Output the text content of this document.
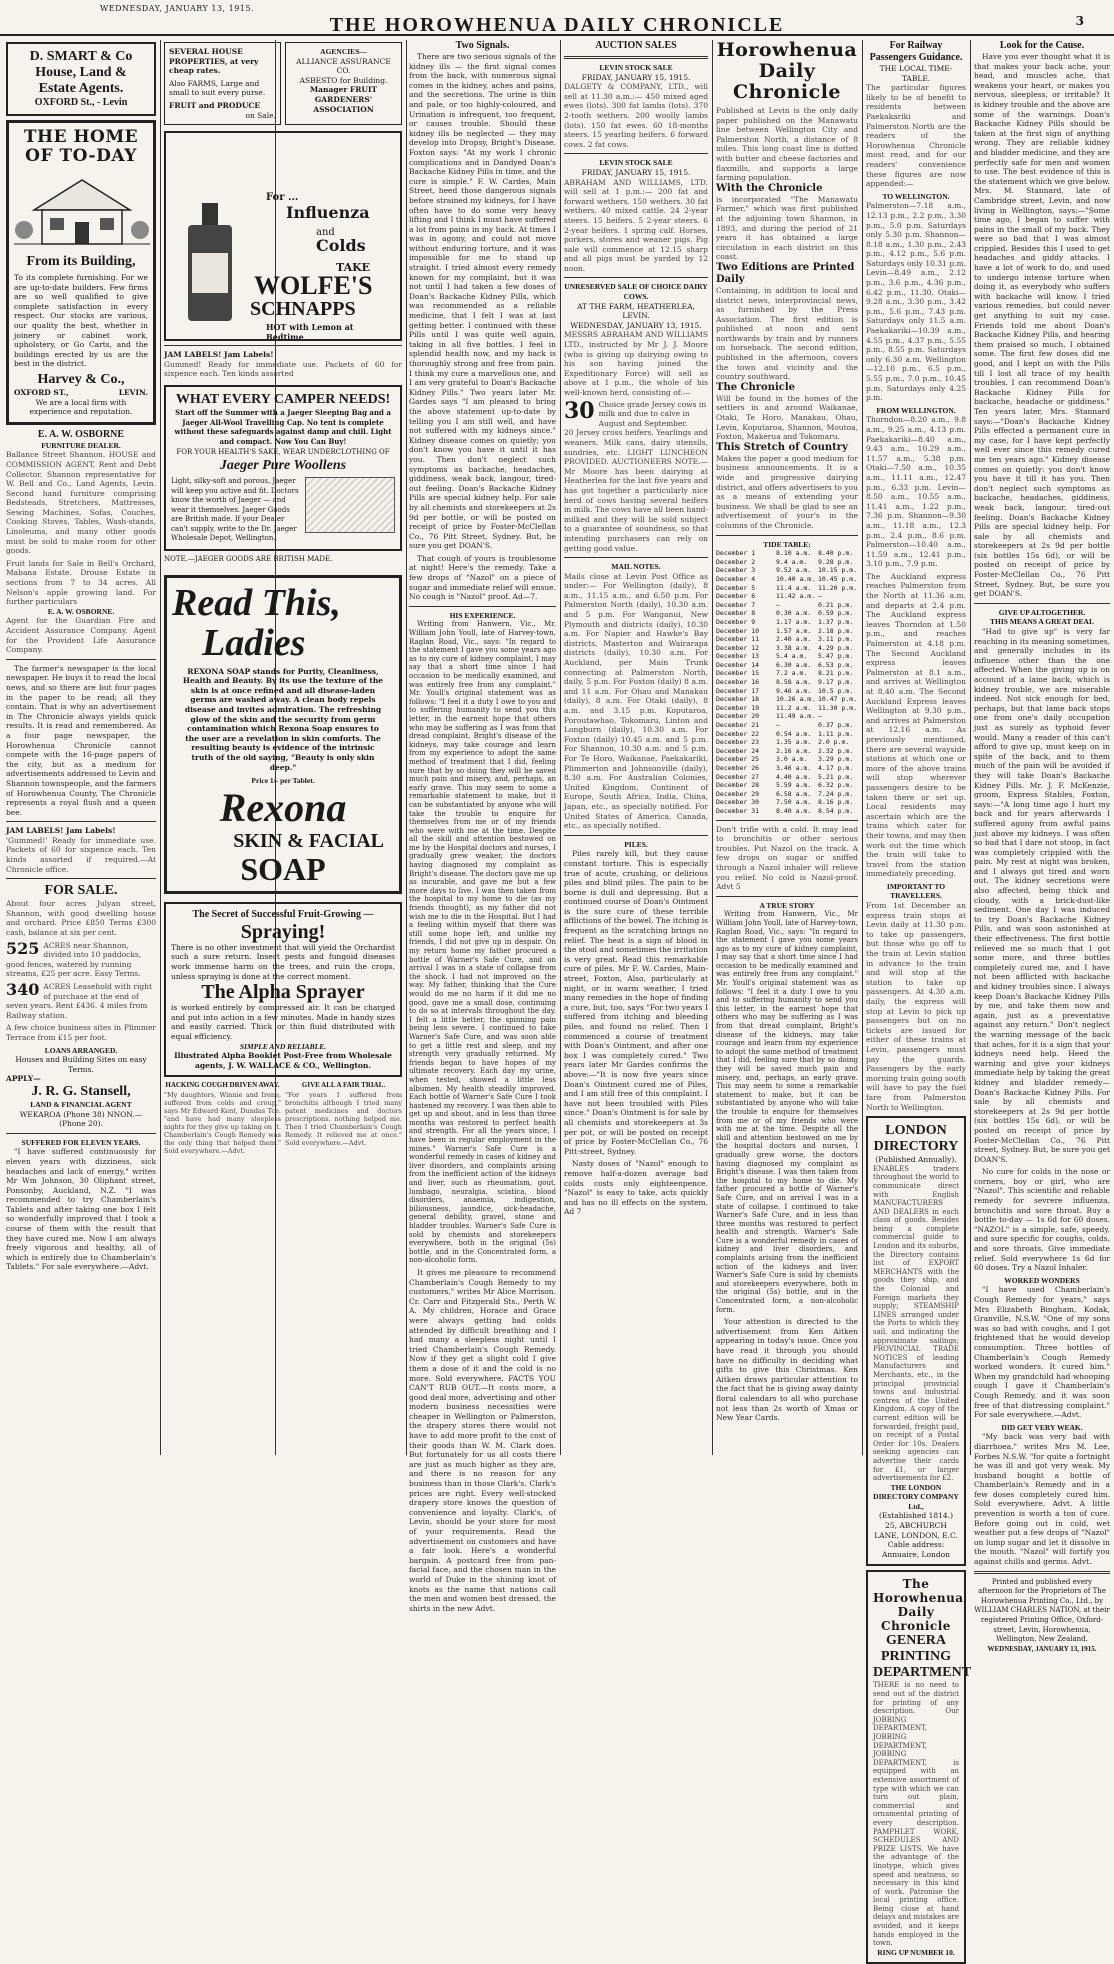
WEDNESDAY, JANUARY 13, 1915.
THE HOROWHENUA DAILY CHRONICLE	3
D. SMART & Co
House, Land &
Estate Agents.
OXFORD St., - Levin
THE HOME
OF TO-DAY
From its Building,
To its complete furnishing. For we are up-to-date builders. Few firms are so well qualified to give complete satisfaction in every respect. Our stocks are various, our quality the best, whether in joinery or cabinet work, upholstery, or Go Carts, and the buildings erected by us are the best in the district.
Harvey & Co.,
OXFORD ST.,	LEVIN.
We are a local firm with experience and reputation.
E. A. W. OSBORNE
FURNITURE DEALER.
Ballance Street Shannon. HOUSE and COMMISSION AGENT, Rent and Debt Collector. Shannon representative for W. Bell and Co., Land Agents, Levin. Second hand furniture comprising Bedsteads, Stretchers, Mattresses, Sewing Machines, Sofas, Couches, Cooking Stoves, Tables, Wash-stands, Linoleums, and many other goods must be sold to make room for other goods.
Fruit lands for Sale in Bell's Orchard, Mabana Estate. Drouse Estate in sections from 7 to 34 acres. All Nelson's apple growing land. For further particulars
E. A. W. OSBORNE.
Agent for the Guardian Fire and Accident Assurance Company. Agent for the Provident Life Assurance Company.
The farmer's newspaper is the local newspaper. He buys it to read the local news, and so there are but four pages in the paper to be read; all they contain. That is why an advertisement in The Chronicle always yields quick results. It is read and remembered. As a four page newspaper, the Horowhenua Chronicle cannot compete with the 16-page papers of the city, but as a medium for advertisements addressed to Levin and Shannon townspeople, and the farmers of Horowhenua County, The Chronicle represents a royal flush and a queen bee.
JAM LABELS! Jam Labels!
'Gummed!' Ready for immediate use. Packets of 60 for sixpence each. Ten kinds assorted if required.—At Chronicle office.
FOR SALE.
About four acres Julyan street, Shannon, with good dwelling house and orchard. Price £850 Terms £300 cash, balance at six per cent.
525 ACRES near Shannon, divided into 10 paddocks, good fences, watered by running streams, £25 per acre. Easy Terms.
340 ACRES Leasehold with right of purchase at the end of seven years. Rent £436. 4 miles from Railway station.
A few choice business sites in Plimmer Terrace from £15 per foot.
LOANS ARRANGED.
Houses and Building Sites on easy Terms.
APPLY—
J. R. G. Stansell,
LAND & FINANCIAL AGENT
WEKAROA (Phone 38) NNON.— (Phone 20).
SUFFERED FOR ELEVEN YEARS.
"I have suffered continuously for eleven years with dizziness, sick headaches and lack of energy," writes Mr Wm Johnson, 30 Oliphant street, Ponsonby, Auckland, N.Z. "I was recommended to try Chamberlain's Tablets and after taking one box I felt so wonderfully improved that I took a course of them with the result that they have cured me. Now I am always freely vigorous and healthy, all of which is entirely due to Chamberlain's Tablets." For sale everywhere.—Advt.
SEVERAL HOUSE PROPERTIES, at very cheap rates.
Also FARMS, Large and small to suit every purse.
FRUIT and PRODUCE
on Sale.
AGENCIES—
ALLIANCE ASSURANCE CO.
ASBESTO for Building.
Manager FRUIT GARDENERS' ASSOCIATION
For ...
Influenza
and
Colds
TAKE
WOLFE'S
SCHNAPPS
HOT with Lemon at Bedtime
JAM LABELS! Jam Labels!
Gummed! Ready for immediate use. Packets of 60 for sixpence each. Ten kinds assorted
WHAT EVERY CAMPER NEEDS!
Start off the Summer with a Jaeger Sleeping Bag and a Jaeger All-Wool Travelling Cap. No tent is complete without these safeguards against damp and chill. Light and compact. Now You Can Buy!
FOR YOUR HEALTH'S SAKE, WEAR UNDERCLOTHING OF
Jaeger Pure Woollens
Light, silky-soft and porous, Jaeger will keep you active and fit. Doctors know the worth of Jaeger — and wear it themselves. Jaeger Goods are British made. If your Dealer can't supply, write to the Dr. Jaeger Wholesale Depot, Wellington.
NOTE.—JAEGER GOODS ARE BRITISH MADE.
Read This,
Ladies
REXONA SOAP stands for Purity, Cleanliness, Health and Beauty. By its use the texture of the skin is at once refined and all disease-laden germs are washed away. A clean body repels disease and invites admiration. The refreshing glow of the skin and the security from germ contamination which Rexona Soap ensures to the user are a revelation in skin comforts. The resulting beauty is evidence of the intrinsic truth of the old saying, "Beauty is only skin deep."
Price 1/- per Tablet.
Rexona
SKIN & FACIAL
SOAP
The Secret of Successful Fruit-Growing —
Spraying!
There is no other investment that will yield the Orchardist such a sure return. Insect pests and fungoid diseases work immense harm on the trees, and ruin the crops, unless spraying is done at the correct moment.
The Alpha Sprayer
is worked entirely by compressed air. It can be charged and put into action in a few minutes. Made in handy sizes and easily carried. Thick or thin fluid distributed with equal efficiency.
SIMPLE AND RELIABLE.
Illustrated Alpha Booklet Post-Free from Wholesale agents, J. W. WALLACE & CO., Wellington.
HACKING COUGH DRIVEN AWAY.
"My daughters, Winnie and Irene, suffered from colds and croup," says Mr Edward Kent, Dundas Tce. "and have had many sleepless nights for they give up taking on it. Chamberlain's Cough Remedy was the only thing that helped them." Sold everywhere.—Advt.
GIVE ALL A FAIR TRIAL.
"For years I suffered from bronchitis although I tried many patent medicines and doctors prescriptions. nothing helped me. Then I tried Chamberlain's Cough Remedy. It relieved me at once." Sold everywhere.—Advt.
Two Signals.
There are two serious signals of the kidney ills — the first signal comes from the back, with numerous signal comes in the kidney, aches and pains, and the secretions. The urine is thin and pale, or too highly-coloured, and Urination is infrequent, too frequent, or causes trouble. Should these kidney ills be neglected — they may develop into Dropsy, Bright's Disease. Foxton says: "At my work I chronic complications and in Dandyed Doan's Backache Kidney Pills in time, and the cure is simple." F. W. Cardes, Main Street, heed those dangerous signals before strained my kidneys, for I have often have to do some very heavy lifting and I think I must have suffered a lot from pains in my back. At times I was in agony, and could not move without enduring torture, and it was impossible for me to stand up straight. I tried almost every remedy known for my complaint, but it was not until I had taken a few doses of Doan's Backache Kidney Pills, which was recommended as a reliable medicine, that I felt I was at last getting better. I continued with these Pills until I was quite well again, taking in all five bottles. I feel in splendid health now, and my back is thoroughly strong and free from pain. I think my cure a marvellous one, and I am very grateful to Doan's Backache Kidney Pills." Two years later Mr. Gardes says "I am pleased to bring the above statement up-to-date by telling you I am still well, and have not suffered with my kidneys since." Kidney disease comes on quietly; you don't know you have it until it has you. Then don't neglect such symptoms as backache, headaches, giddiness, weak back, langour, tired-out feeling. Doan's Backache Kidney Pills are special kidney help. For sale by all chemists and storekeepers at 2s 9d per bottle, or will be posted on receipt of price by Foster-McClellan Co., 76 Pitt Street, Sydney. But, be sure you get DOAN'S.
That cough of yours is troublesome at night! Here's the remedy. Take a few drops of "Nazol" on a piece of sugar and immediate relief will ensue. No cough is "Nazol" proof. Ad—7.
HIS EXPERIENCE.
Writing from Hanwern, Vic., Mr. William John Youll, late of Harvey-town, Raglan Road, Vic., says: "In regard to the statement I gave you some years ago as to my cure of kidney complaint, I may say that a short time since I had occasion to be medically examined, and was entirely free from any complaint." Mr. Youll's original statement was as follows: "I feel it a duty I owe to you and to suffering humanity to send you this letter, in the earnest hope that others who may be suffering as I was from that dread complaint, Bright's disease of the kidneys, may take courage and learn from my experience to adopt the same method of treatment that I did, feeling sure that by so doing they will be saved much pain and misery, and, perhaps, an early grave. This may seem to some a remarkable statement to make, but it can be substantiated by anyone who will take the trouble to enquire for themselves from me or of my friends who were with me at the time. Despite all the skill and attention bestowed on me by the Hospital doctors and nurses, I gradually grew weaker, the doctors having diagnosed my complaint as Bright's disease. The doctors gave me up as incurable, and gave me but a few more days to live. I was then taken from the hospital to my home to die (as my friends thought), as my father did not wish me to die in the Hospital. But I had a feeling within myself that there was still some hope left, and unlike my friends, I did not give up in despair. On my return home my father procured a bottle of Warner's Safe Cure, and on arrival I was in a state of collapse from the shock. I had not improved on the way. My father, thinking that the Cure would do me no harm if it did me no good, gave me a small dose, continuing to do so at intervals throughout the day. I felt a little better, the spinning pain being less severe. I continued to take Warner's Safe Cure, and was soon able to get a little rest and sleep, and my strength very gradually returned. My friends began to have hopes of my ultimate recovery. Each day my urine, when tested, showed a little less albumen. My health steadily improved. Each bottle of Warner's Safe Cure I took hastened my recovery. I was then able to get up and about, and in less than three months was restored to perfect health and strength. For all the years since, I have been in regular employment in the mines." Warner's Safe Cure is a wonderful remedy in cases of kidney and liver disorders, and complaints arising from the inefficient action of the kidneys and liver, such as rheumatism, gout, lumbago, neuralgia, sciatica, blood disorders, anaemia, indigestion, biliousness, jaundice, sick-headache, general debility, gravel, stone and bladder troubles. Warner's Safe Cure is sold by chemists and storekeepers everywhere, both in the original (5s) bottle, and in the Concentrated form, a non-alcoholic form.
It gives me pleasure to recommend Chamberlain's Cough Remedy to my customers," writes Mr Alice Morrison. Cr. Carr and Fitzgerald Sts., Perth W. A. My children, Horace and Grace were always getting bad colds attended by difficult breathing and I had many a sleepless night until I tried Chamberlain's Cough Remedy. Now if they get a slight cold I give them a dose of it and the cold is no more. Sold everywhere. FACTS YOU CAN'T RUB OUT.—It costs more, a good deal more, advertising and other modern business necessities were cheaper in Wellington or Palmerston, the drapery stores there would not have to add more profit to the cost of their goods than W. M. Clark does. But fortunately for us all costs there are just as much higher as they are, and there is no reason for any business than in those Clark's. Clark's prices are right. Every well-stocked drapery store knows the question of convenience and loyalty. Clark's, of Levin, should be your store for most of your requirements. Read the advertisement on customers and have a fair look. Here's a wonderful bargain. A postcard free from pan-facial face, and the chosen man in the world of Duke in the shining knot of knots as the name that nations call the men and women best dressed, the shirts in the new Advt.
AUCTION SALES
LEVIN STOCK SALE
FRIDAY, JANUARY 15, 1915.
DALGETY & COMPANY, LTD., will sell at 11.30 a.m.:— 450 mixed aged ewes (lots). 300 fat lambs (lots). 370 2-tooth wethers. 200 woolly lambs (lots). 150 fat ewes. 60 18-months steers. 15 yearling heifers. 6 forward cows. 2 fat cows.
LEVIN STOCK SALE
FRIDAY, JANUARY 15, 1915.
ABRAHAM AND WILLIAMS, LTD. will sell at 1 p.m.:— 200 fat and forward wethers. 150 wethers. 30 fat wethers. 40 mixed cattle. 24 2-year steers. 15 heifers. 5 2-year steers. 6 2-year heifers. 1 spring calf. Horses, porkers, stores and weaner pigs. Pig sale will commence at 12.15 sharp and all pigs must be yarded by 12 noon.
UNRESERVED SALE OF CHOICE DAIRY COWS.
AT THE FARM, HEATHERLEA, LEVIN.
WEDNESDAY, JANUARY 13, 1915.
MESSRS ABRAHAM AND WILLIAMS LTD., instructed by Mr J. J. Moore (who is giving up dairying owing to his son having joined the Expeditionary Force) will sell as above at 1 p.m., the whole of his well-known herd, consisting of:—
30 Choice grade Jersey cows in milk and due to calve in August and September.
20 Jersey cross heifers, Yearlings and weaners. Milk cans, dairy utensils, sundries, etc. LIGHT LUNCHEON PROVIDED. AUCTIONEERS NOTE.—Mr Moore has been dairying at Heatherlea for the last five years and has got together a particularly nice herd of cows having several heifers in milk. The cows have all been hand-milked and they will be sold subject to a guarantee of soundness, so that intending purchasers can rely on getting good value.
MAIL NOTES.
Mails close at Levin Post Office as under:— For Wellington (daily), 8 a.m., 11.15 a.m., and 6.50 p.m. For Palmerston North (daily), 10.30 a.m. and 5 p.m. For Wanganui, New Plymouth and districts (daily), 10.30 a.m. For Napier and Hawke's Bay districts, Masterton and Wairarapa districts (daily), 10.30 a.m. For Auckland, per Main Trunk connecting at Palmerston North, daily, 5 p.m. For Foxton (daily) 8 a.m. and 11 a.m. For Ohau and Manakau (daily), 8 a.m. For Otaki (daily), 8 a.m. and 3.15 p.m. Koputaroa, Poroutawhao, Tokomaru, Linton and Longburn (daily), 10.30 a.m. For Foxton (daily) 10.45 a.m. and 5 p.m. For Shannon, 10.30 a.m. and 5 p.m. For Te Horo, Waikanae, Paekakariki, Plimmerton and Johnsonville (daily), 8.30 a.m. For Australian Colonies, United Kingdom, Continent of Europe, South Africa, India, China, Japan, etc., as specially notified. For United States of America, Canada, etc., as specially notified.
PILES.
Piles rarely kill, but they cause constant torture. This is especially true of acute, crushing, or delirious piles and blind piles. The pain to be borne is dull and depressing. But a continued course of Doan's Ointment is the sure cure of these terrible afflictions of the bowel. The itching is frequent as the scratching brings no relief. The heat is a sign of blood in the stool and sometimes the irritation is very great. Read this remarkable cure of piles. Mr F. W. Cardes, Main-street, Foxton, Also, particularly at night, or in warm weather. I tried many remedies in the hope of finding a cure, but, too, says "For two years I suffered from itching and bleeding piles, and found no relief. Then I commenced a course of treatment with Doan's Ointment, and after one box I was completely cured." Two years later Mr Gardes confirms the above:—"It is now five years since Doan's Ointment cured me of Piles, and I am still free of this complaint. I have not been troubled with Piles since." Doan's Ointment is for sale by all chemists and storekeepers at 3s per pot, or will be posted on receipt of price by Foster-McClellan Co., 76 Pitt-street, Sydney.
Nasty doses of "Nazol" enough to remove half-a-dozen average bad colds costs only eighteenpence. "Nazol" is easy to take, acts quickly and has no ill effects on the system. Ad 7
Horowhenua
Daily
Chronicle
Published at Levin is the only daily paper published on the Manawatu line between Wellington City and Palmerston North, a distance of 8 miles. This long coast line is dotted with butter and cheese factories and flaxmills, and supports a large farming population.
With the Chronicle
is incorporated "The Manawatu Farmer," which was first published at the adjoining town Shannon, in 1893, and during the period of 21 years it has obtained a large circulation in each district on this coast.
Two Editions are Printed Daily
Containing, in addition to local and district news, interprovincial news, as furnished by the Press Association. The first edition is published at noon and sent northwards by train and by runners on horseback. The second edition, published in the afternoon, covers the town and vicinity and the country southward.
The Chronicle
Will be found in the homes of the settlers in and around Waikanae, Otaki, Te Horo, Manakau, Ohau, Levin, Koputaroa, Shannon, Moutoa, Foxton, Makerua and Tokomaru.
This Stretch of Country
Makes the paper a good medium for business announcements. It is a wide and progressive dairying district, and offers advertisers to you as a means of extending your business. We shall be glad to see an advertisement of your's in the columns of the Chronicle.
TIDE TABLE:
December 1	8.10 a.m.	8.40 p.m.
December 2	9.4 a.m.	9.28 p.m.
December 3	9.52 a.m.	10.15 p.m.
December 4	10.40 a.m. 10.45 p.m.
December 5	11.4 a.m.	11.20 p.m.
December 6	11.42 a.m. —
December 7	—	0.21 p.m.
December 8	0.30 a.m.	0.59 p.m.
December 9	1.17 a.m.	1.37 p.m.
December 10	1.57 a.m.	2.18 p.m.
December 11	2.40 a.m.	3.11 p.m.
December 12	3.38 a.m.	4.29 p.m.
December 13	5.4 a.m.	5.47 p.m.
December 14	6.30 a.m.	6.53 p.m.
December 15	7.2 a.m.	8.21 p.m.
December 16	8.58 a.m.	9.17 p.m.
December 17	9.46 a.m.	10.5 p.m.
December 18	10.26 a.m. 10.47 p.m.
December 19	11.2 a.m.	11.30 p.m.
December 20	11.49 a.m. —
December 21	—	0.37 p.m.
December 22	0.54 a.m.	1.11 p.m.
December 23	1.35 a.m.	2.0 p.m.
December 24	2.16 a.m.	2.32 p.m.
December 25	3.0 a.m.	3.29 p.m.
December 26	3.46 a.m.	4.17 p.m.
December 27	4.40 a.m.	5.21 p.m.
December 28	5.59 a.m.	6.32 p.m.
December 29	6.58 a.m.	7.24 p.m.
December 30	7.50 a.m.	8.16 p.m.
December 31	8.40 a.m.	8.54 p.m.
Don't trifle with a cold. It may lead to bronchitis or other serious troubles. Put Nazol on the track. A few drops on sugar or sniffed through a Nazol inhaler will relieve you relief. No cold is Nazol-proof. Advt 5
A TRUE STORY
Writing from Hanwern, Vic., Mr William John Youll, late of Harvey-town, Raglan Road, Vic., says: "In regard to the statement I gave you some years ago as to my cure of kidney complaint, I may say that a short time since I had occasion to be medically examined and was entirely free from any complaint." Mr. Youll's original statement was as follows: "I feel it a duty I owe to you and to suffering humanity to send you this letter, in the earnest hope that others who may be suffering as I was from that dread complaint, Bright's disease of the kidneys, may take courage and learn from my experience to adopt the same method of treatment that I did, feeling sure that by so doing they will be saved much pain and misery, and, perhaps, an early grave. This may seem to some a remarkable statement to make, but it can be substantiated by anyone who will take the trouble to enquire for themselves from me or of my friends who were with me at the time. Despite all the skill and attention bestowed on me by the hospital doctors and nurses, I gradually grew worse, the doctors having diagnosed my complaint as Bright's disease. I was then taken from the hospital to my home to die. My father procured a bottle of Warner's Safe Cure, and on arrival I was in a state of collapse. I continued to take Warner's Safe Cure, and in less than three months was restored to perfect health and strength. Warner's Safe Cure is a wonderful remedy in cases of kidney and liver disorders, and complaints arising from the inefficient action of the kidneys and liver. Warner's Safe Cure is sold by chemists and storekeepers everywhere, both in the original (5s) bottle, and in the Concentrated form, a non-alcoholic form.
Your attention is directed to the advertisement from Ken Aitken appearing in today's issue. Once you have read it through you should have no difficulty in deciding what gifts to give this Christmas. Ken Aitken draws particular attention to the fact that he is giving away dainty floral calendars to all who purchase not less than 2s worth of Xmas or New Year Cards.
For Railway Passengers Guidance.
THE LOCAL TIME-TABLE.
The particular figures likely to be of benefit to residents between Paekakariki and Palmerston North are the readers of the Horowhenua Chronicle most read, and for our readers' convenience these figures are now appended:—
TO WELLINGTON.
Palmerston—7.18 a.m., 12.13 p.m., 2.2 p.m., 3.30 p.m., 5.0 p.m. Saturdays only 5.30 p.m. Shannon—8.18 a.m., 1.30 p.m., 2.43 p.m., 4.12 p.m., 5.6 p.m. Saturdays only 10.31 p.m. Levin—8.49 a.m., 2.12 p.m., 3.6 p.m., 4.36 p.m., 6.42 p.m., 11.30. Otaki—9.28 a.m., 3.30 p.m., 3.42 p.m., 5.6 p.m., 7.43 p.m. Saturdays only 11.5 a.m. Paekakariki—10.39 a.m., 4.55 p.m., 4.37 p.m., 5.55 p.m., 8.55 p.m. Saturdays only 6.30 a.m. Wellington—12.10 p.m., 6.5 p.m., 5.55 p.m., 7.0 p.m., 10.45 p.m. Saturdays only 4.25 p.m.
FROM WELLINGTON.
Thorndon—8.20 a.m., 9.8 a.m., 9.25 a.m., 4.13 p.m. Paekakariki—8.40 a.m., 9.43 a.m., 10.29 a.m., 11.57 a.m., 5.38 p.m. Otaki—7.50 a.m., 10.35 a.m., 11.11 a.m., 12.47 p.m., 6.33 p.m. Levin—8.50 a.m., 10.55 a.m., 11.41 a.m., 1.22 p.m., 7.36 p.m. Shannon—9.30 a.m., 11.18 a.m., 12.3 p.m., 2.4 p.m., 8.6 p.m. Palmerston—10.40 a.m., 11.59 a.m., 12.41 p.m., 3.10 p.m., 7.9 p.m.
The Auckland express reaches Palmerston from the North at 11.36 a.m. and departs at 2.4 p.m. The Auckland express leaves Thorndon at 1.50 p.m., and reaches Palmerston at 4.18 p.m. The Second Auckland express leaves Palmerston at 8.1 a.m., and arrives at Wellington at 8.40 a.m. The Second Auckland Express leaves Wellington at 9.30 p.m., and arrives at Palmerston at 12.16 a.m. As previously mentioned, there are several wayside stations at which one or more of the above trains will stop wherever passengers desire to be taken there or set up. Local residents may ascertain which are the trains which cater for their towns, and may then work out the time which the train will take to travel from the station immediately preceding.
IMPORTANT TO TRAVELLERS.
From 1st December an express train stops at Levin daily at 11.30 p.m. to take up passengers, but those who go off to the train at Levin station in advance to the train and will stop at the station to take up passengers. At 4.30 a.m. daily, the express will stop at Levin to pick up passengers but on no tickets are issued for either of these trains at Levin, passengers must pay the guards. Passengers by the early morning train going south will have to pay the fuel fare from Palmerston North to Wellington.
LONDON
DIRECTORY
(Published Annually).
ENABLES traders throughout the world to communicate direct with English MANUFACTURERS AND DEALERS in each class of goods. Besides being a complete commercial guide to London and its suburbs, the Directory contains list of EXPORT MERCHANTS with the goods they ship, and the Colonial and Foreign markets they supply; STEAMSHIP LINES arranged under the Ports to which they sail, and indicating the approximate sailings; PROVINCIAL TRADE NOTICES of leading Manufacturers and Merchants, etc., in the principal provincial towns and industrial centres of the United Kingdom. A copy of the current edition will be forwarded, freight paid, on receipt of a Postal Order for 10s. Dealers seeking agencies can advertise their cards for £1, or larger advertisements for £2.
THE LONDON DIRECTORY COMPANY Ltd.,
(Established 1814.)
25, ABCHURCH LANE, LONDON, E.C. Cable address: Annuaire, London
The Horowhenua Daily Chronicle
GENERA
PRINTING
DEPARTMENT
THERE is no need to send out of the district for printing of any description. Our JOBBING DEPARTMENT, JOBBING DEPARTMENT, JOBBING DEPARTMENT, is equipped with an extensive assortment of type with which we can turn out plain, commercial and ornamental printing of every description. PAMPHLET WORK, SCHEDULES AND PRIZE LISTS. We have the advantage of the linotype, which gives speed and neatness, so necessary in this kind of work. Patronise the local printing office. Being close at hand delays and mistakes are avoided, and it keeps hands employed in the town.
RING UP NUMBER 10.
Look for the Cause.
Have you ever thought what it is that makes your back ache, your head, and muscles ache, that weakens your heart, or makes you nervous, sleepless, or irritable? It is kidney trouble and the above are some of the warnings. Doan's Backache Kidney Pills should be taken at the first sign of anything wrong. They are reliable kidney and bladder medicine, and they are perfectly safe for men and women to use. The best evidence of this is the statement which we give below. Mrs. M. Stannard, late of Cambridge street, Levin, and now living in Wellington, says:—"Some time ago, I began to suffer with pains in the small of my back. They were so bad that I was almost crippled. Besides this I used to get headaches and giddy attacks. I have a lot of work to do, and used to undergo intense torture when doing it, as everybody who suffers with backache will know. I tried various remedies, but could never get anything to suit my case. Friends told me about Doan's Backache Kidney Pills, and hearing them praised so much, I obtained some. The first few doses did me good, and I kept on with the Pills till I lost all trace of my health troubles. I can recommend Doan's Backache Kidney Pills for backache, headache or giddiness." Ten years later, Mrs. Stannard says:—"Doan's Backache Kidney Pills effected a permanent cure in my case, for I have kept perfectly well ever since this remedy cured me ten years ago." Kidney disease comes on quietly: you don't know you have it till it has you. Then don't neglect such symptoms as backache, headaches, giddiness, weak back, langour, tired-out feeling. Doan's Backache Kidney Pills are special kidney help. For sale by all chemists and storekeepers at 2s 9d per bottle (six bottles 15s 6d), or will be posted on receipt of price by Foster-McClellan Co., 76 Pitt Street, Sydney. But, be sure you get DOAN'S.
GIVE UP ALTOGETHER.
THIS MEANS A GREAT DEAL
"Had to give up" is very far reaching in its meaning sometimes, and generally includes in its influence other than the one affected. When the giving up is on account of a lame back, which is kidney trouble, we are miserable indeed. Not sick enough for bed, perhaps, but that lame back stops one from one's daily occupation just as surely as typhoid fever would. Many a reader of this can't afford to give up, must keep on in spite of the back, and to them much of the pain will be avoided if they will take Doan's Backache Kidney Pills. Mr. J. F. McKenzie, groom, Express Stables, Foxton, says:—"A long time ago I hurt my back and for years afterwards I suffered agony from awful pains just above my kidneys. I was often so bad that I dare not stoop, in fact was completely crippled with the pain. My rest at night was broken, and I always got tired and worn out. The kidney secretions were also affected, being thick and cloudy, with a brick-dust-like sediment. One day I was induced to try Doan's Backache Kidney Pills, and was soon astonished at their effectiveness. The first bottle relieved me so much that I got some more, and three bottles completely cured me, and I have not been afflicted with backache and kidney troubles since. I always keep Doan's Backache Kidney Pills by me, and take them now and again, just as a preventative against any return." Don't neglect the warning message of the back that aches, for it is a sign that your kidneys need help. Heed the warning and give your kidneys immediate help by taking the great kidney and bladder remedy—Doan's Backache Kidney Pills. For sale by all chemists and storekeepers at 2s 9d per bottle (six bottles 15s 6d), or will be posted on receipt of price by Foster-McClellan Co., 76 Pitt street, Sydney. But, be sure you get DOAN'S.
No cure for colds in the nose or corners, boy or girl, who are "Nazol". This scientific and reliable remedy for sevrere influenza, bronchitis and sore throat. Buy a bottle to-day — 1s 6d for 60 doses. "NAZOL" is a simple, safe, speedy, and sure specific for coughs, colds, and sore throats. Give immediate relief. Sold everywhere 1s 6d for 60 doses. Try a Nazol Inhaler.
WORKED WONDERS
"I have used Chamberlain's Cough Remedy for years," says Mrs Elizabeth Bingham, Kodak, Granville, N.S.W. "One of my sons was so bad with coughs, and I got frightened that he would develop consumption. Three bottles of Chamberlain's Cough Remedy worked wonders. It cured him." When my grandchild had whooping cough I gave it Chamberlain's Cough Remedy, and it was soon free of that distressing complaint." For sale everywhere.—Advt.
DID GET VERY WEAK.
"My back was very bad with diarrhoea," writes Mrs M. Lee, Forbes N.S.W. "for quite a fortnight he was ill and got very weak. My husband bought a bottle of Chamberlain's Remedy and in a few doses completely cured him. Sold everywhere. Advt. A little prevention is worth a ton of cure. Before going out in cold, wet weather put a few drops of "Nazol" on lump sugar and let it dissolve in the mouth. "Nazol" will fortify you against chills and germs. Advt.
Printed and published every afternoon for the Proprietors of The Horowhenua Printing Co., Ltd., by WILLIAM CHARLES NATION, at their registered Printing Office, Oxford-street, Levin, Horowhenua, Wellington, New Zealand.
WEDNESDAY, JANUARY 13, 1915.
